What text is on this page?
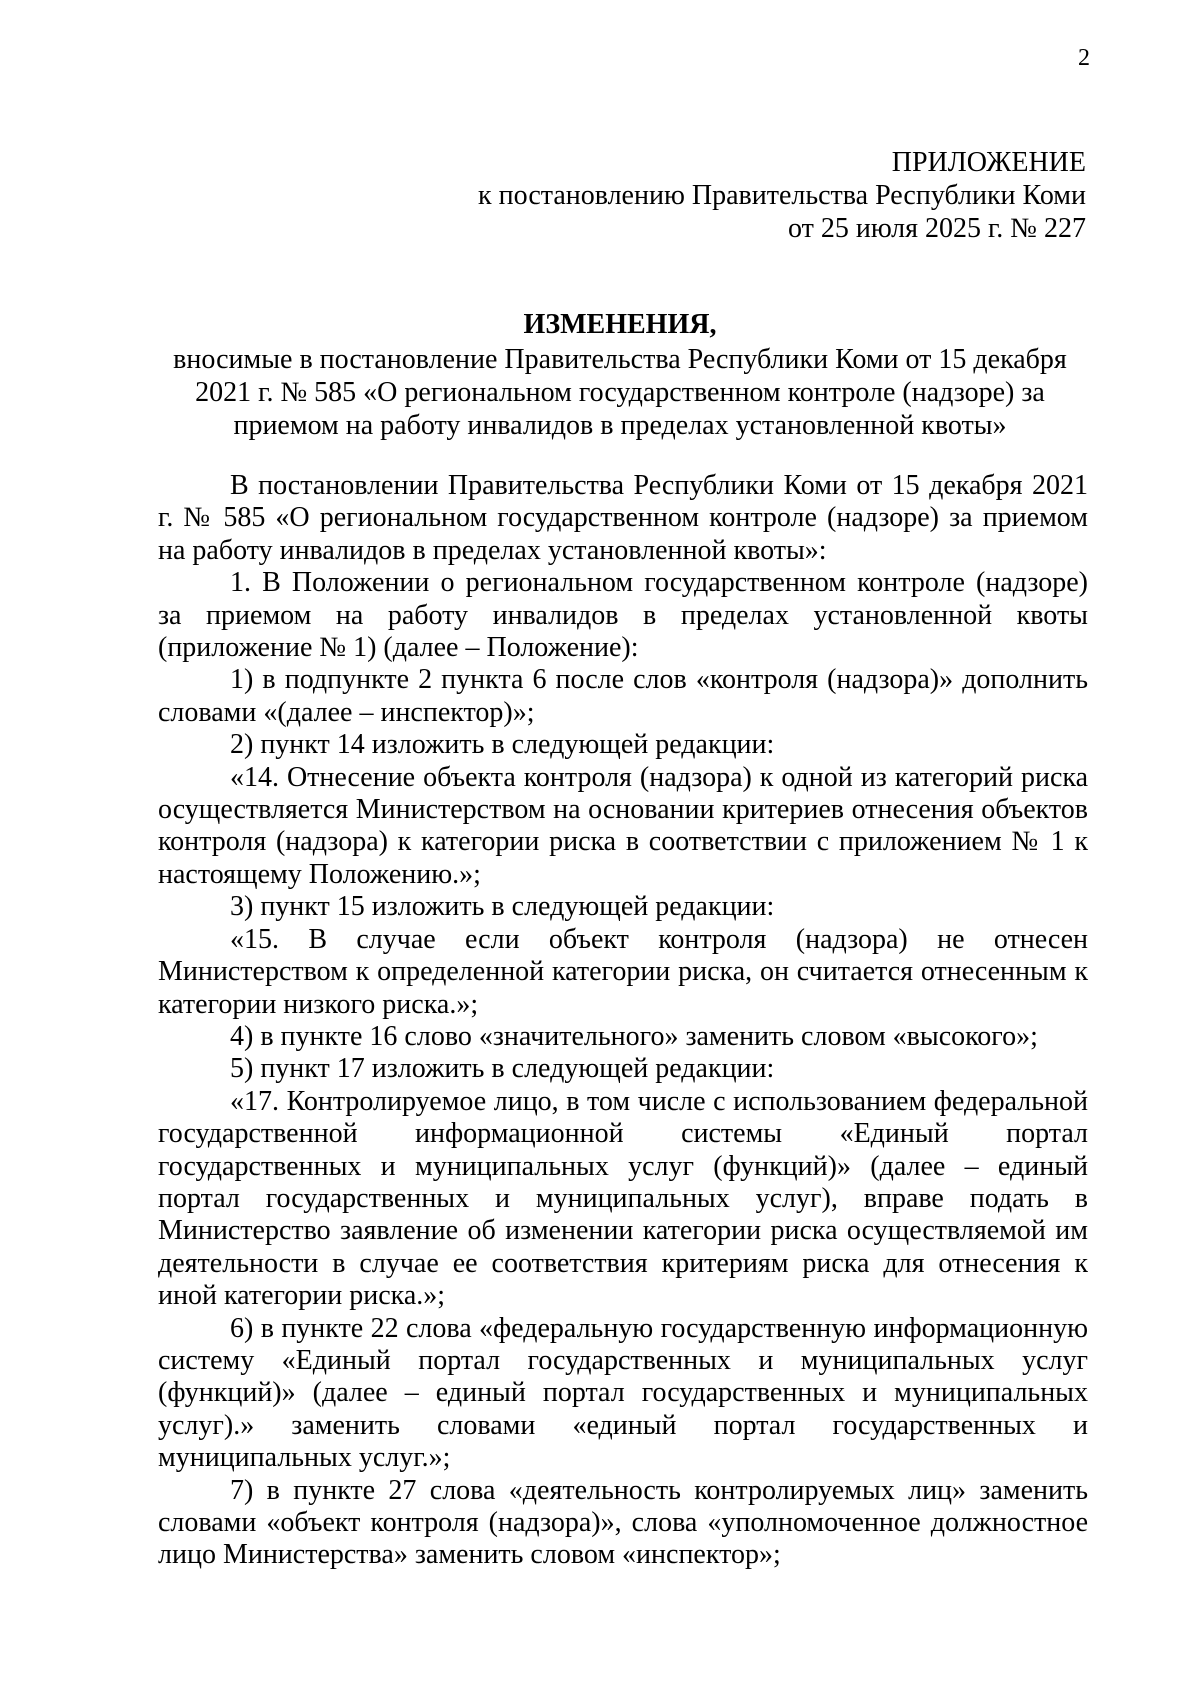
2
ПРИЛОЖЕНИЕ
к постановлению Правительства Республики Коми
от 25 июля 2025 г. № 227
ИЗМЕНЕНИЯ,
вносимые в постановление Правительства Республики Коми от 15 декабря
2021 г. № 585 «О региональном государственном контроле (надзоре) за
приемом на работу инвалидов в пределах установленной квоты»

В постановлении Правительства Республики Коми от 15 декабря 2021 г. № 585 «О региональном государственном контроле (надзоре) за приемом на работу инвалидов в пределах установленной квоты»:

1. В Положении о региональном государственном контроле (надзоре) за приемом на работу инвалидов в пределах установленной квоты (приложение № 1) (далее – Положение):

1) в подпункте 2 пункта 6 после слов «контроля (надзора)» дополнить словами «(далее – инспектор)»;

2) пункт 14 изложить в следующей редакции:

«14. Отнесение объекта контроля (надзора) к одной из категорий риска осуществляется Министерством на основании критериев отнесения объектов контроля (надзора) к категории риска в соответствии с приложением № 1 к настоящему Положению.»;

3) пункт 15 изложить в следующей редакции:

«15. В случае если объект контроля (надзора) не отнесен Министерством к определенной категории риска, он считается отнесенным к категории низкого риска.»;

4) в пункте 16 слово «значительного» заменить словом «высокого»;

5) пункт 17 изложить в следующей редакции:

«17. Контролируемое лицо, в том числе с использованием федеральной государственной информационной системы «Единый портал государственных и муниципальных услуг (функций)» (далее – единый портал государственных и муниципальных услуг), вправе подать в Министерство заявление об изменении категории риска осуществляемой им деятельности в случае ее соответствия критериям риска для отнесения к иной категории риска.»;

6) в пункте 22 слова «федеральную государственную информационную систему «Единый портал государственных и муниципальных услуг (функций)» (далее – единый портал государственных и муниципальных услуг).» заменить словами «единый портал государственных и муниципальных услуг.»;

7) в пункте 27 слова «деятельность контролируемых лиц» заменить словами «объект контроля (надзора)», слова «уполномоченное должностное лицо Министерства» заменить словом «инспектор»;
